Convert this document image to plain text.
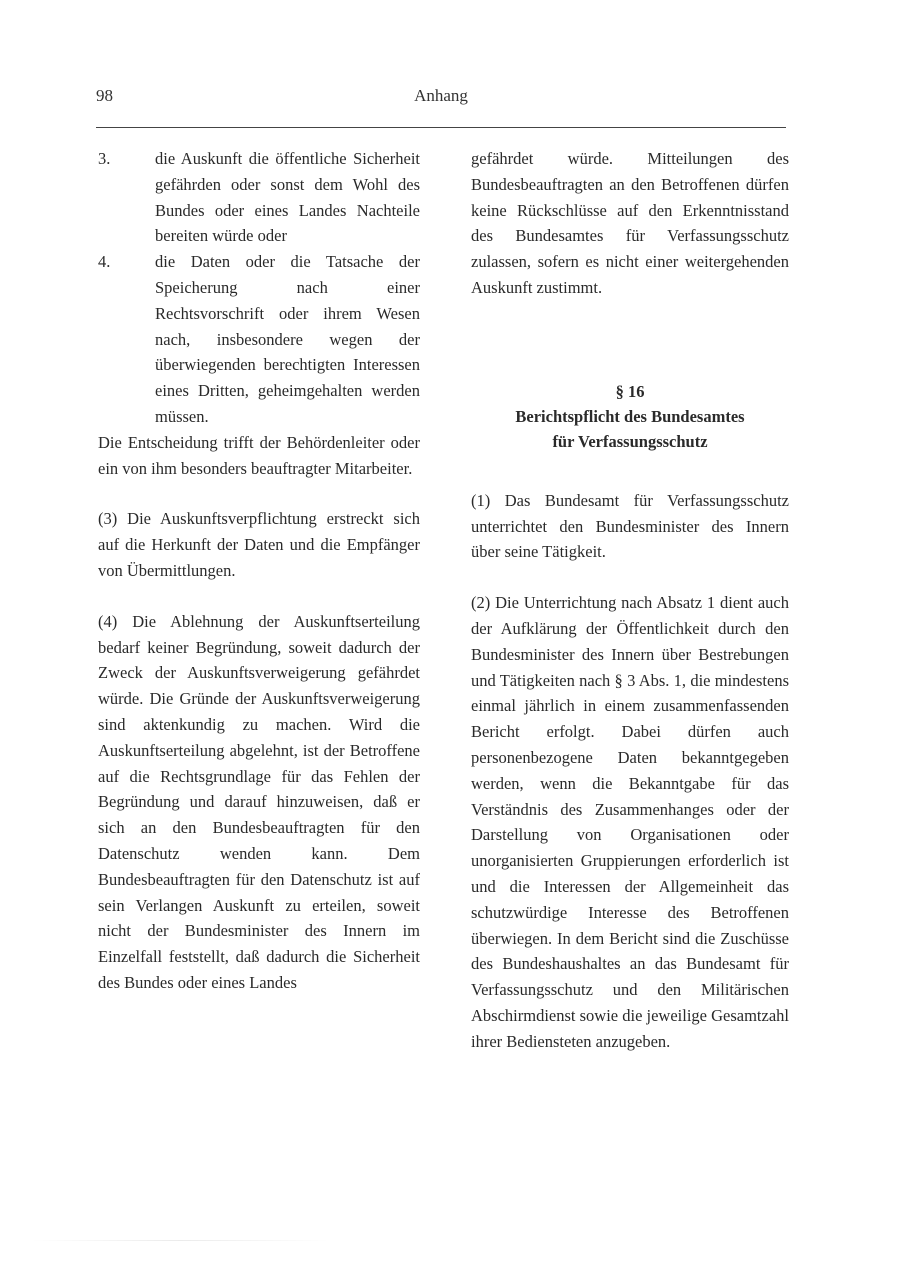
98	Anhang
3.	die Auskunft die öffentliche Sicherheit gefährden oder sonst dem Wohl des Bundes oder eines Landes Nachteile bereiten würde oder
4.	die Daten oder die Tatsache der Speicherung nach einer Rechtsvorschrift oder ihrem Wesen nach, insbesondere wegen der überwiegenden berechtigten Interessen eines Dritten, geheimgehalten werden müssen.

Die Entscheidung trifft der Behördenleiter oder ein von ihm besonders beauftragter Mitarbeiter.

(3) Die Auskunftsverpflichtung erstreckt sich auf die Herkunft der Daten und die Empfänger von Übermittlungen.

(4) Die Ablehnung der Auskunftserteilung bedarf keiner Begründung, soweit dadurch der Zweck der Auskunftsverweigerung gefährdet würde. Die Gründe der Auskunftsverweigerung sind aktenkundig zu machen. Wird die Auskunftserteilung abgelehnt, ist der Betroffene auf die Rechtsgrundlage für das Fehlen der Begründung und darauf hinzuweisen, daß er sich an den Bundesbeauftragten für den Datenschutz wenden kann. Dem Bundesbeauftragten für den Datenschutz ist auf sein Verlangen Auskunft zu erteilen, soweit nicht der Bundesminister des Innern im Einzelfall feststellt, daß dadurch die Sicherheit des Bundes oder eines Landes

gefährdet würde. Mitteilungen des Bundesbeauftragten an den Betroffenen dürfen keine Rückschlüsse auf den Erkenntnisstand des Bundesamtes für Verfassungsschutz zulassen, sofern es nicht einer weitergehenden Auskunft zustimmt.

§ 16
Berichtspflicht des Bundesamtes
für Verfassungsschutz

(1) Das Bundesamt für Verfassungsschutz unterrichtet den Bundesminister des Innern über seine Tätigkeit.

(2) Die Unterrichtung nach Absatz 1 dient auch der Aufklärung der Öffentlichkeit durch den Bundesminister des Innern über Bestrebungen und Tätigkeiten nach § 3 Abs. 1, die mindestens einmal jährlich in einem zusammenfassenden Bericht erfolgt. Dabei dürfen auch personenbezogene Daten bekanntgegeben werden, wenn die Bekanntgabe für das Verständnis des Zusammenhanges oder der Darstellung von Organisationen oder unorganisierten Gruppierungen erforderlich ist und die Interessen der Allgemeinheit das schutzwürdige Interesse des Betroffenen überwiegen. In dem Bericht sind die Zuschüsse des Bundeshaushaltes an das Bundesamt für Verfassungsschutz und den Militärischen Abschirmdienst sowie die jeweilige Gesamtzahl ihrer Bediensteten anzugeben.
